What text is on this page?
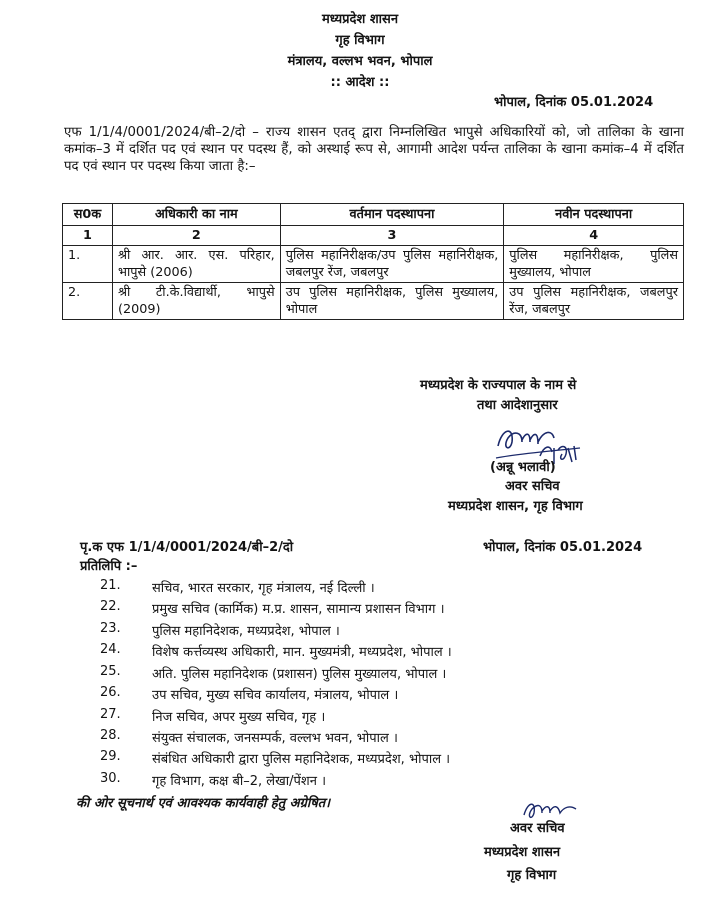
मध्यप्रदेश शासन
गृह विभाग
मंत्रालय, वल्लभ भवन, भोपाल
:: आदेश ::
भोपाल, दिनांक 05.01.2024
एफ 1/1/4/0001/2024/बी–2/दो – राज्य शासन एतद् द्वारा निम्नलिखित भापुसे अधिकारियों को, जो तालिका के खाना कमांक–3 में दर्शित पद एवं स्थान पर पदस्थ हैं, को अस्थाई रूप से, आगामी आदेश पर्यन्त तालिका के खाना कमांक–4 में दर्शित पद एवं स्थान पर पदस्थ किया जाता है:–
स0क	अधिकारी का नाम	वर्तमान पदस्थापना	नवीन पदस्थापना
1	2	3	4
1.	श्री आर. आर. एस. परिहार, भापुसे (2006)	पुलिस महानिरीक्षक/उप पुलिस महानिरीक्षक, जबलपुर रेंज, जबलपुर	पुलिस महानिरीक्षक, पुलिस मुख्यालय, भोपाल
2.	श्री टी.के.विद्यार्थी, भापुसे (2009)	उप पुलिस महानिरीक्षक, पुलिस मुख्यालय, भोपाल	उप पुलिस महानिरीक्षक, जबलपुर रेंज, जबलपुर
मध्यप्रदेश के राज्यपाल के नाम से
तथा आदेशानुसार
(अन्नू भलावी)
अवर सचिव
मध्यप्रदेश शासन, गृह विभाग
पृ.क एफ 1/1/4/0001/2024/बी–2/दो	भोपाल, दिनांक 05.01.2024
प्रतिलिपि :–
21.	सचिव, भारत सरकार, गृह मंत्रालय, नई दिल्ली ।
22.	प्रमुख सचिव (कार्मिक) म.प्र. शासन, सामान्य प्रशासन विभाग ।
23.	पुलिस महानिदेशक, मध्यप्रदेश, भोपाल ।
24.	विशेष कर्त्तव्यस्थ अधिकारी, मान. मुख्यमंत्री, मध्यप्रदेश, भोपाल ।
25.	अति. पुलिस महानिदेशक (प्रशासन) पुलिस मुख्यालय, भोपाल ।
26.	उप सचिव, मुख्य सचिव कार्यालय, मंत्रालय, भोपाल ।
27.	निज सचिव, अपर मुख्य सचिव, गृह ।
28.	संयुक्त संचालक, जनसम्पर्क, वल्लभ भवन, भोपाल ।
29.	संबंधित अधिकारी द्वारा पुलिस महानिदेशक, मध्यप्रदेश, भोपाल ।
30.	गृह विभाग, कक्ष बी–2, लेखा/पेंशन ।
की ओर सूचनार्थ एवं आवश्यक कार्यवाही हेतु अग्रेषित।
अवर सचिव
मध्यप्रदेश शासन
गृह विभाग
